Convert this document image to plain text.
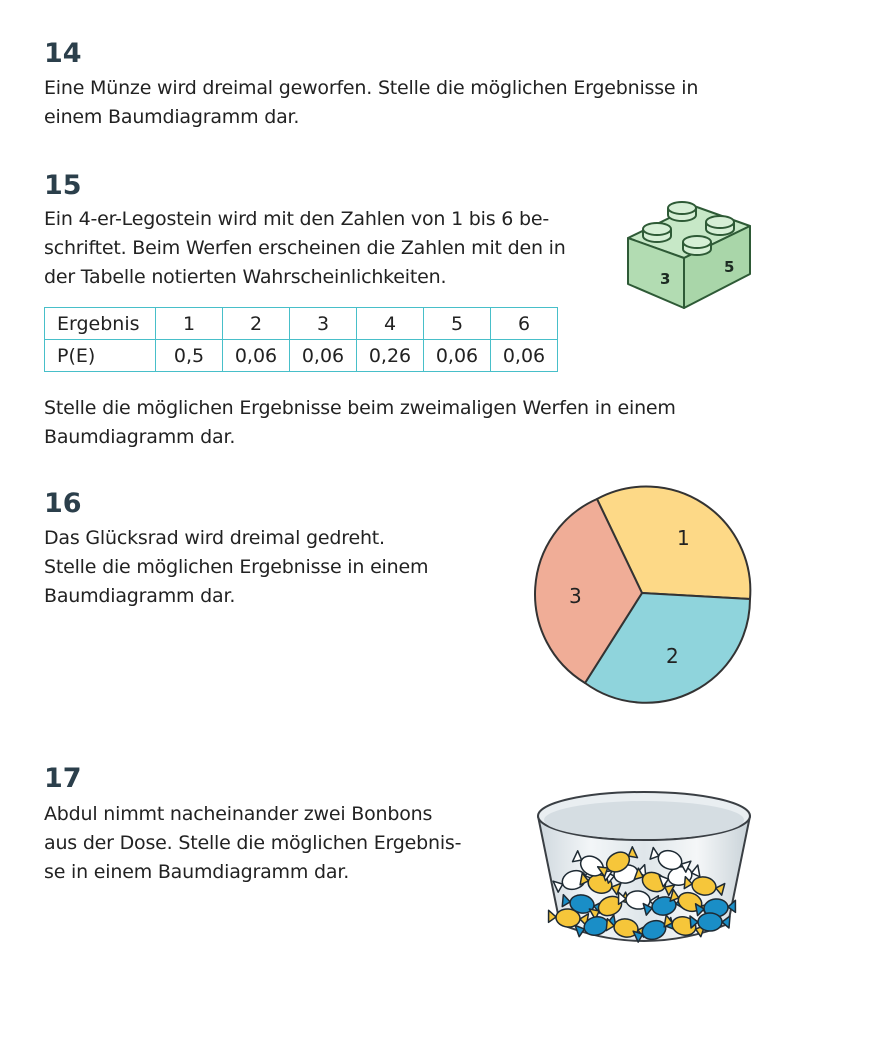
14
Eine Münze wird dreimal geworfen. Stelle die möglichen Ergebnisse in
einem Baumdiagramm dar.
15
Ein 4-er-Legostein wird mit den Zahlen von 1 bis 6 be-
schriftet. Beim Werfen erscheinen die Zahlen mit den in
der Tabelle notierten Wahrscheinlichkeiten.	3
5
Ergebnis	1	2	3	4	5	6
P(E)	0,5	0,06	0,06	0,26	0,06	0,06
Stelle die möglichen Ergebnisse beim zweimaligen Werfen in einem
Baumdiagramm dar.
16
Das Glücksrad wird dreimal gedreht.
Stelle die möglichen Ergebnisse in einem
Baumdiagramm dar.
1
2
3
17
Abdul nimmt nacheinander zwei Bonbons
aus der Dose. Stelle die möglichen Ergebnis-
se in einem Baumdiagramm dar.
